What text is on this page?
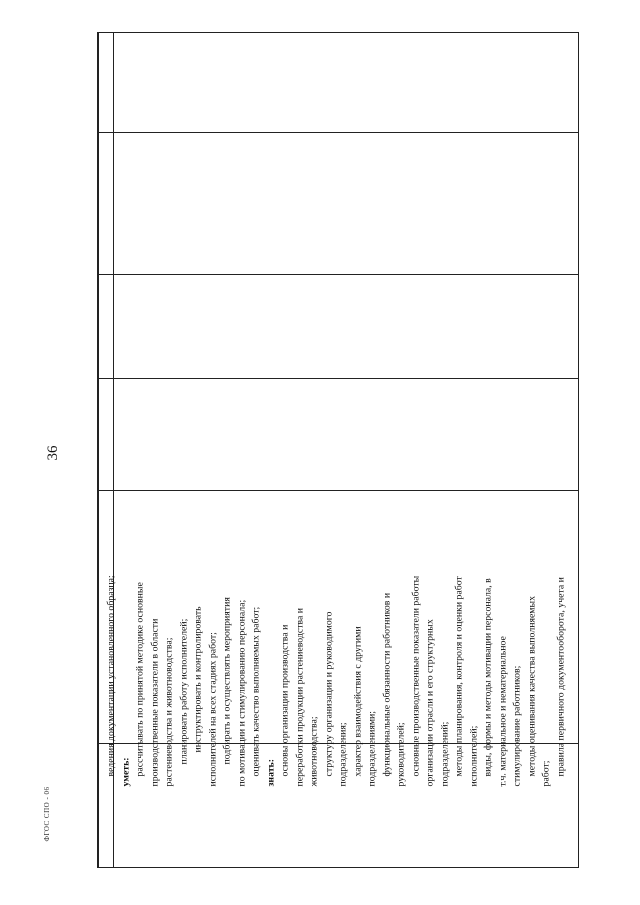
36
ФГОС СПО - 06
ведения документации установленного образца; уметь: рассчитывать по принятой методике основные производственные показатели в области растениеводства и животноводства; планировать работу исполнителей; инструктировать и контролировать исполнителей на всех стадиях работ; подбирать и осуществлять мероприятия по мотивации и стимулированию персонала; оценивать качество выполняемых работ; знать: основы организации производства и переработки продукции растениеводства и животноводства; структуру организации и руководимого подразделения; характер взаимодействия с другими подразделениями; функциональные обязанности работников и руководителей; основные производственные показатели работы организации отрасли и его структурных подразделений; методы планирования, контроля и оценки работ исполнителей; виды, формы и методы мотивации персонала, в т.ч. материальное и нематериальное стимулирование работников; методы оценивания качества выполняемых работ; правила первичного документооборота, учета и
